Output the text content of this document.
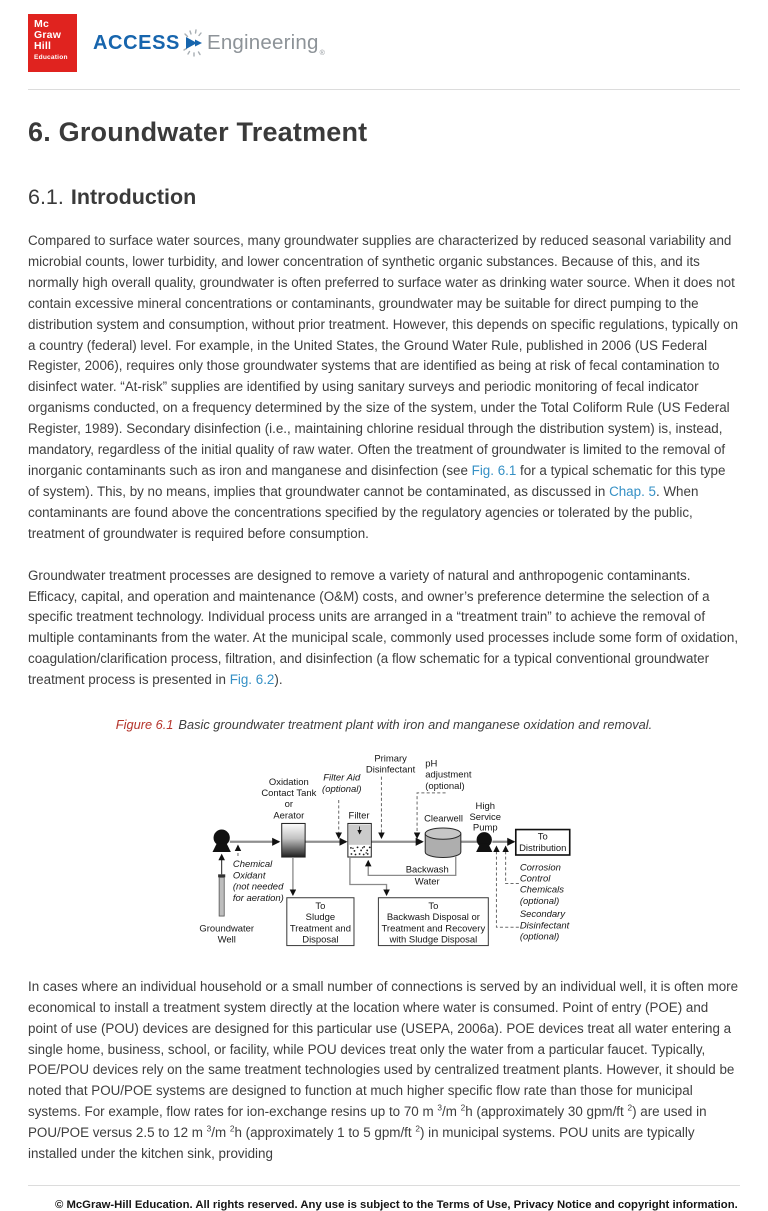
Mc
Graw
Hill
Education
ACCESS Engineering ®
6. Groundwater Treatment
6.1. Introduction

Compared to surface water sources, many groundwater supplies are characterized by reduced seasonal variability and microbial counts, lower turbidity, and lower concentration of synthetic organic substances. Because of this, and its normally high overall quality, groundwater is often preferred to surface water as drinking water source. When it does not contain excessive mineral concentrations or contaminants, groundwater may be suitable for direct pumping to the distribution system and consumption, without prior treatment. However, this depends on specific regulations, typically on a country (federal) level. For example, in the United States, the Ground Water Rule, published in 2006 (US Federal Register, 2006), requires only those groundwater systems that are identified as being at risk of fecal contamination to disinfect water. “At-risk” supplies are identified by using sanitary surveys and periodic monitoring of fecal indicator organisms conducted, on a frequency determined by the size of the system, under the Total Coliform Rule (US Federal Register, 1989). Secondary disinfection (i.e., maintaining chlorine residual through the distribution system) is, instead, mandatory, regardless of the initial quality of raw water. Often the treatment of groundwater is limited to the removal of inorganic contaminants such as iron and manganese and disinfection (see Fig. 6.1 for a typical schematic for this type of system). This, by no means, implies that groundwater cannot be contaminated, as discussed in Chap. 5. When contaminants are found above the concentrations specified by the regulatory agencies or tolerated by the public, treatment of groundwater is required before consumption.

Groundwater treatment processes are designed to remove a variety of natural and anthropogenic contaminants. Efficacy, capital, and operation and maintenance (O&M) costs, and owner’s preference determine the selection of a specific treatment technology. Individual process units are arranged in a “treatment train” to achieve the removal of multiple contaminants from the water. At the municipal scale, commonly used processes include some form of oxidation, coagulation/clarification process, filtration, and disinfection (a flow schematic for a typical conventional groundwater treatment process is presented in Fig. 6.2).

Figure 6.1 Basic groundwater treatment plant with iron and manganese oxidation and removal.
Oxidation Contact Tank or Aerator
Filter Aid (optional)
Primary Disinfectant
pH adjustment (optional)
Filter	Clearwell
High Service Pump
To Distribution
Chemical Oxidant (not needed for aeration)
Groundwater Well
To Sludge Treatment and Disposal
Backwash Water
To Backwash Disposal or Treatment and Recovery with Sludge Disposal
Corrosion Control Chemicals (optional)
Secondary Disinfectant (optional)

In cases where an individual household or a small number of connections is served by an individual well, it is often more economical to install a treatment system directly at the location where water is consumed. Point of entry (POE) and point of use (POU) devices are designed for this particular use (USEPA, 2006a). POE devices treat all water entering a single home, business, school, or facility, while POU devices treat only the water from a particular faucet. Typically, POE/POU devices rely on the same treatment technologies used by centralized treatment plants. However, it should be noted that POU/POE systems are designed to function at much higher specific flow rate than those for municipal systems. For example, flow rates for ion-exchange resins up to 70 m $^3$/m $^2$h (approximately 30 gpm/ft $^2$) are used in POU/POE versus 2.5 to 12 m $^3$/m $^2$h (approximately 1 to 5 gpm/ft $^2$) in municipal systems. POU units are typically installed under the kitchen sink, providing

© McGraw-Hill Education. All rights reserved. Any use is subject to the Terms of Use, Privacy Notice and copyright information.
